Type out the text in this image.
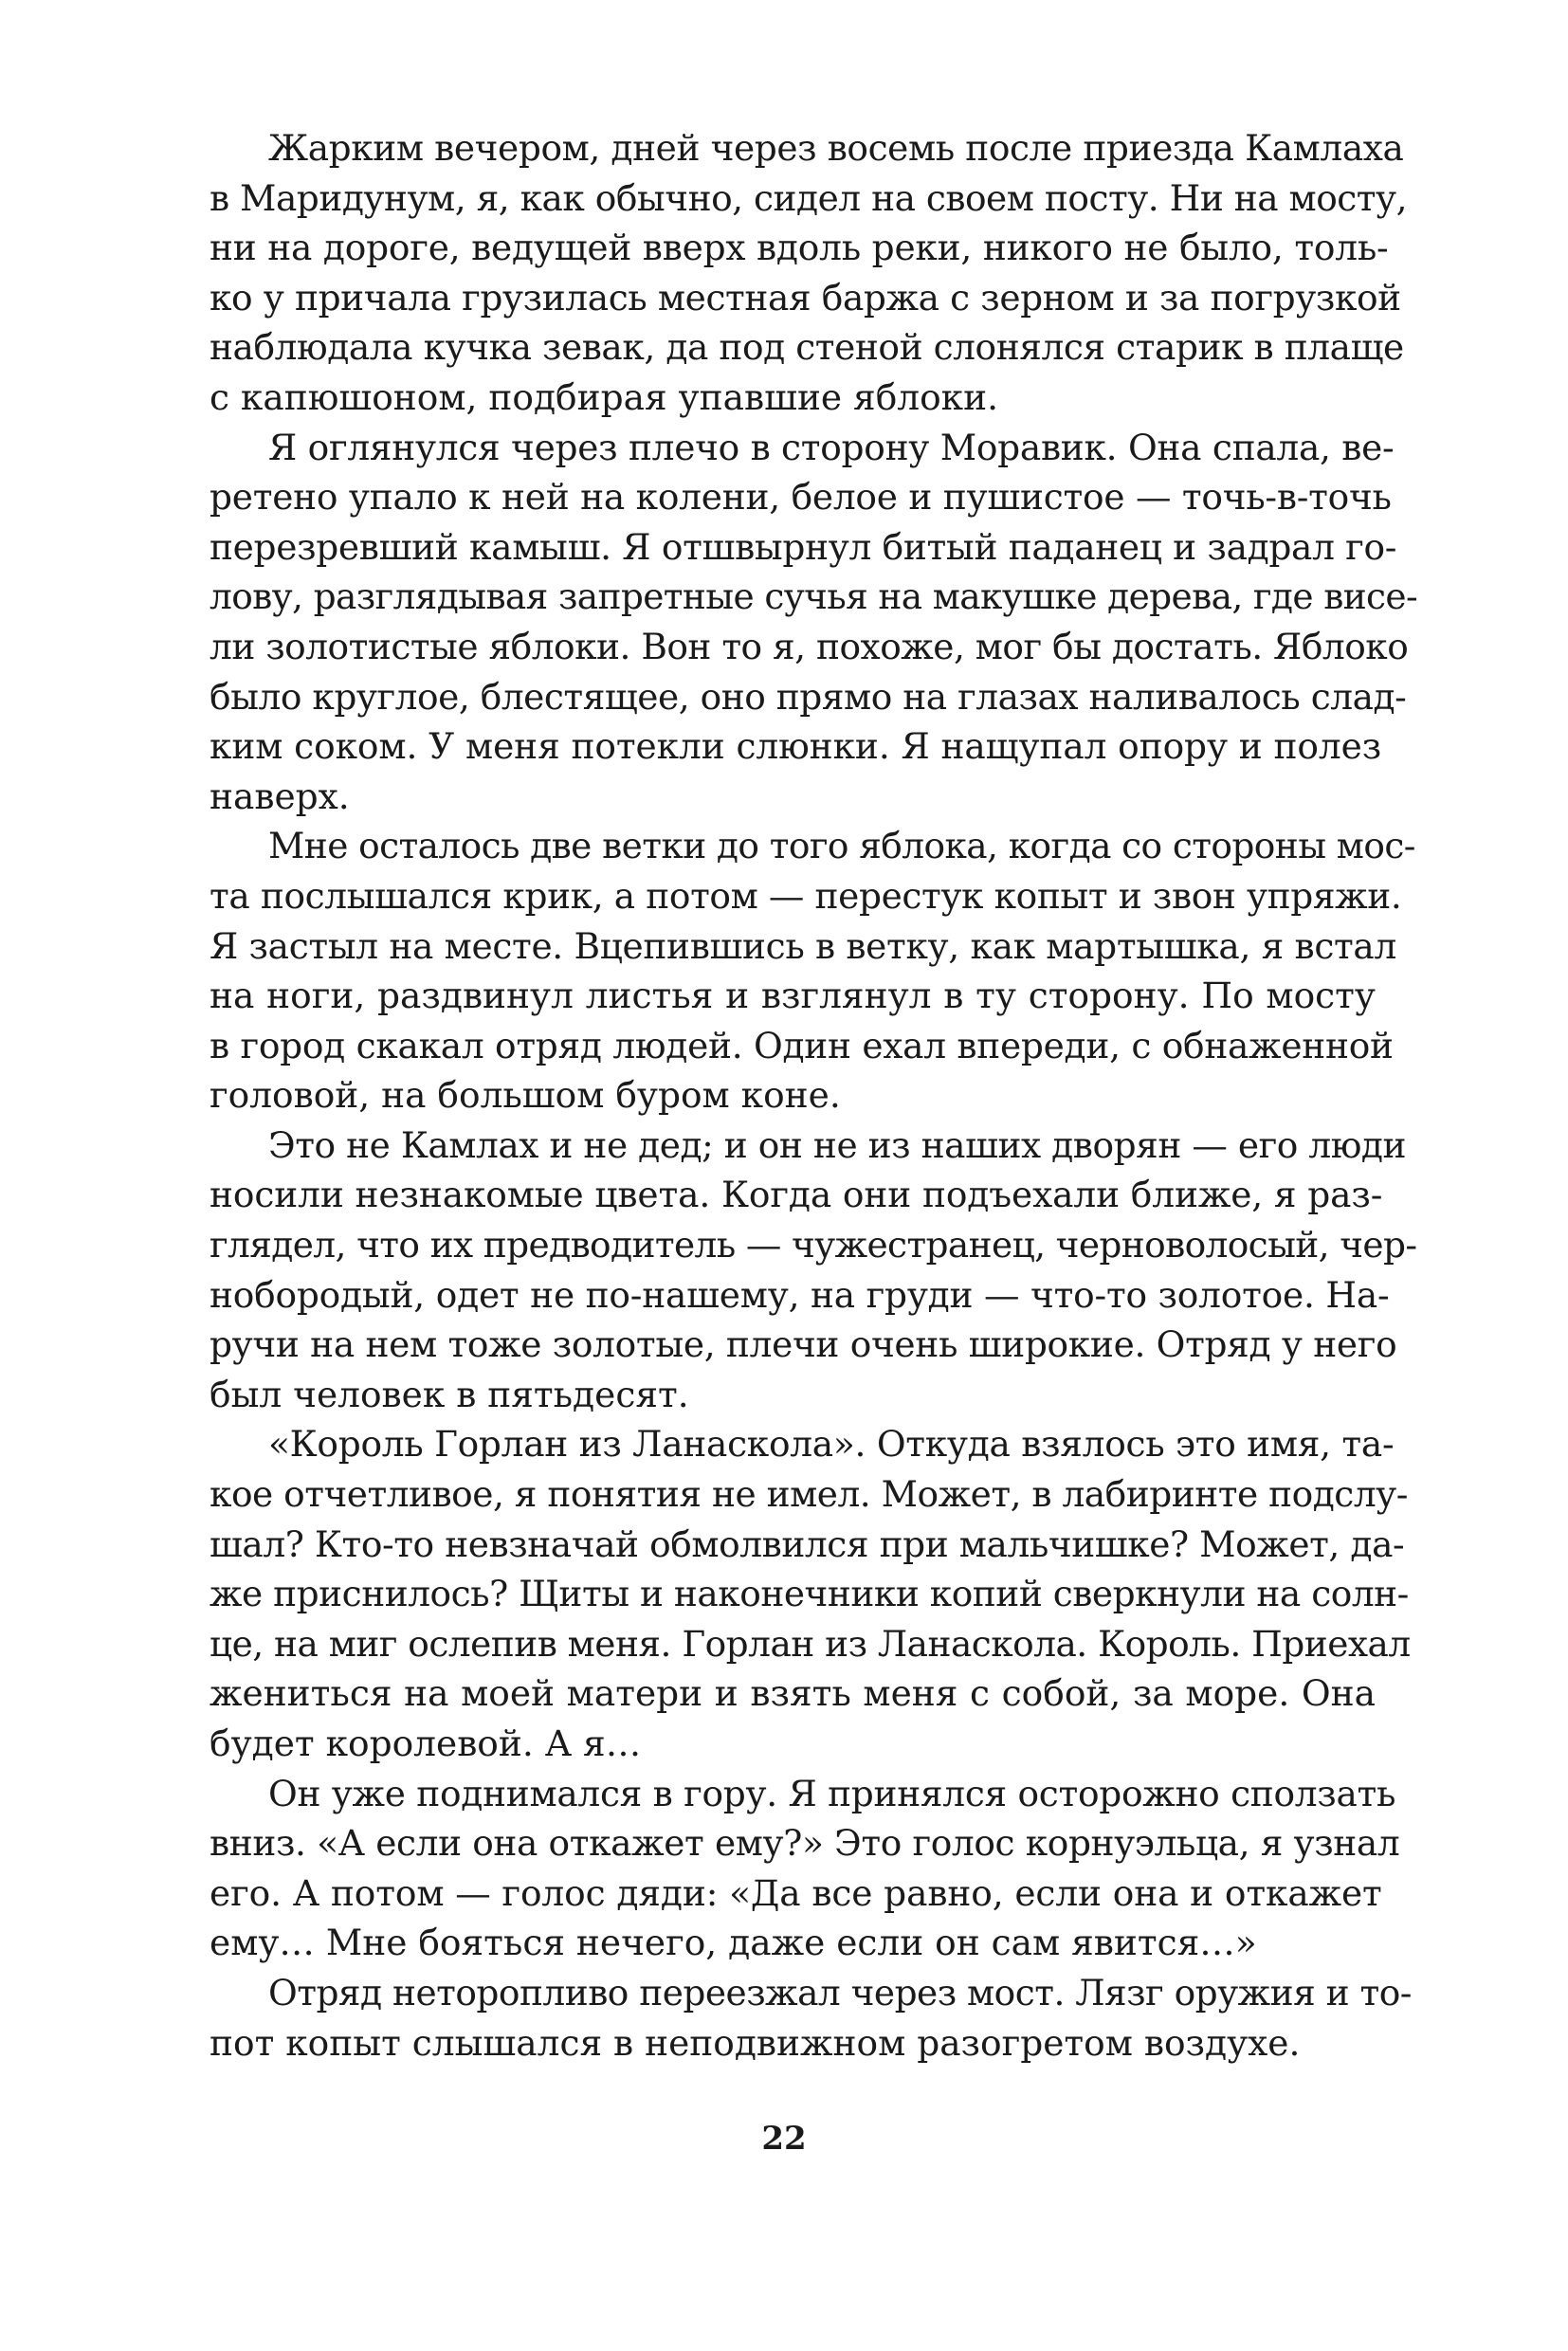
Жарким вечером, дней через восемь после приезда Камлаха
в Маридунум, я, как обычно, сидел на своем посту. Ни на мосту,
ни на дороге, ведущей вверх вдоль реки, никого не было, толь-
ко у причала грузилась местная баржа с зерном и за погрузкой
наблюдала кучка зевак, да под стеной слонялся старик в плаще
с капюшоном, подбирая упавшие яблоки.
Я оглянулся через плечо в сторону Моравик. Она спала, ве-
ретено упало к ней на колени, белое и пушистое — точь-в-точь
перезревший камыш. Я отшвырнул битый паданец и задрал го-
лову, разглядывая запретные сучья на макушке дерева, где висе-
ли золотистые яблоки. Вон то я, похоже, мог бы достать. Яблоко
было круглое, блестящее, оно прямо на глазах наливалось слад-
ким соком. У меня потекли слюнки. Я нащупал опору и полез
наверх.
Мне осталось две ветки до того яблока, когда со стороны мос-
та послышался крик, а потом — перестук копыт и звон упряжи.
Я застыл на месте. Вцепившись в ветку, как мартышка, я встал
на ноги, раздвинул листья и взглянул в ту сторону. По мосту
в город скакал отряд людей. Один ехал впереди, с обнаженной
головой, на большом буром коне.
Это не Камлах и не дед; и он не из наших дворян — его люди
носили незнакомые цвета. Когда они подъехали ближе, я раз-
глядел, что их предводитель — чужестранец, черноволосый, чер-
нобородый, одет не по-нашему, на груди — что-то золотое. На-
ручи на нем тоже золотые, плечи очень широкие. Отряд у него
был человек в пятьдесят.
«Король Горлан из Ланаскола». Откуда взялось это имя, та-
кое отчетливое, я понятия не имел. Может, в лабиринте подслу-
шал? Кто-то невзначай обмолвился при мальчишке? Может, да-
же приснилось? Щиты и наконечники копий сверкнули на солн-
це, на миг ослепив меня. Горлан из Ланаскола. Король. Приехал
жениться на моей матери и взять меня с собой, за море. Она
будет королевой. А я…
Он уже поднимался в гору. Я принялся осторожно сползать
вниз. «А если она откажет ему?» Это голос корнуэльца, я узнал
его. А потом — голос дяди: «Да все равно, если она и откажет
ему… Мне бояться нечего, даже если он сам явится…»
Отряд неторопливо переезжал через мост. Лязг оружия и то-
пот копыт слышался в неподвижном разогретом воздухе.
22
